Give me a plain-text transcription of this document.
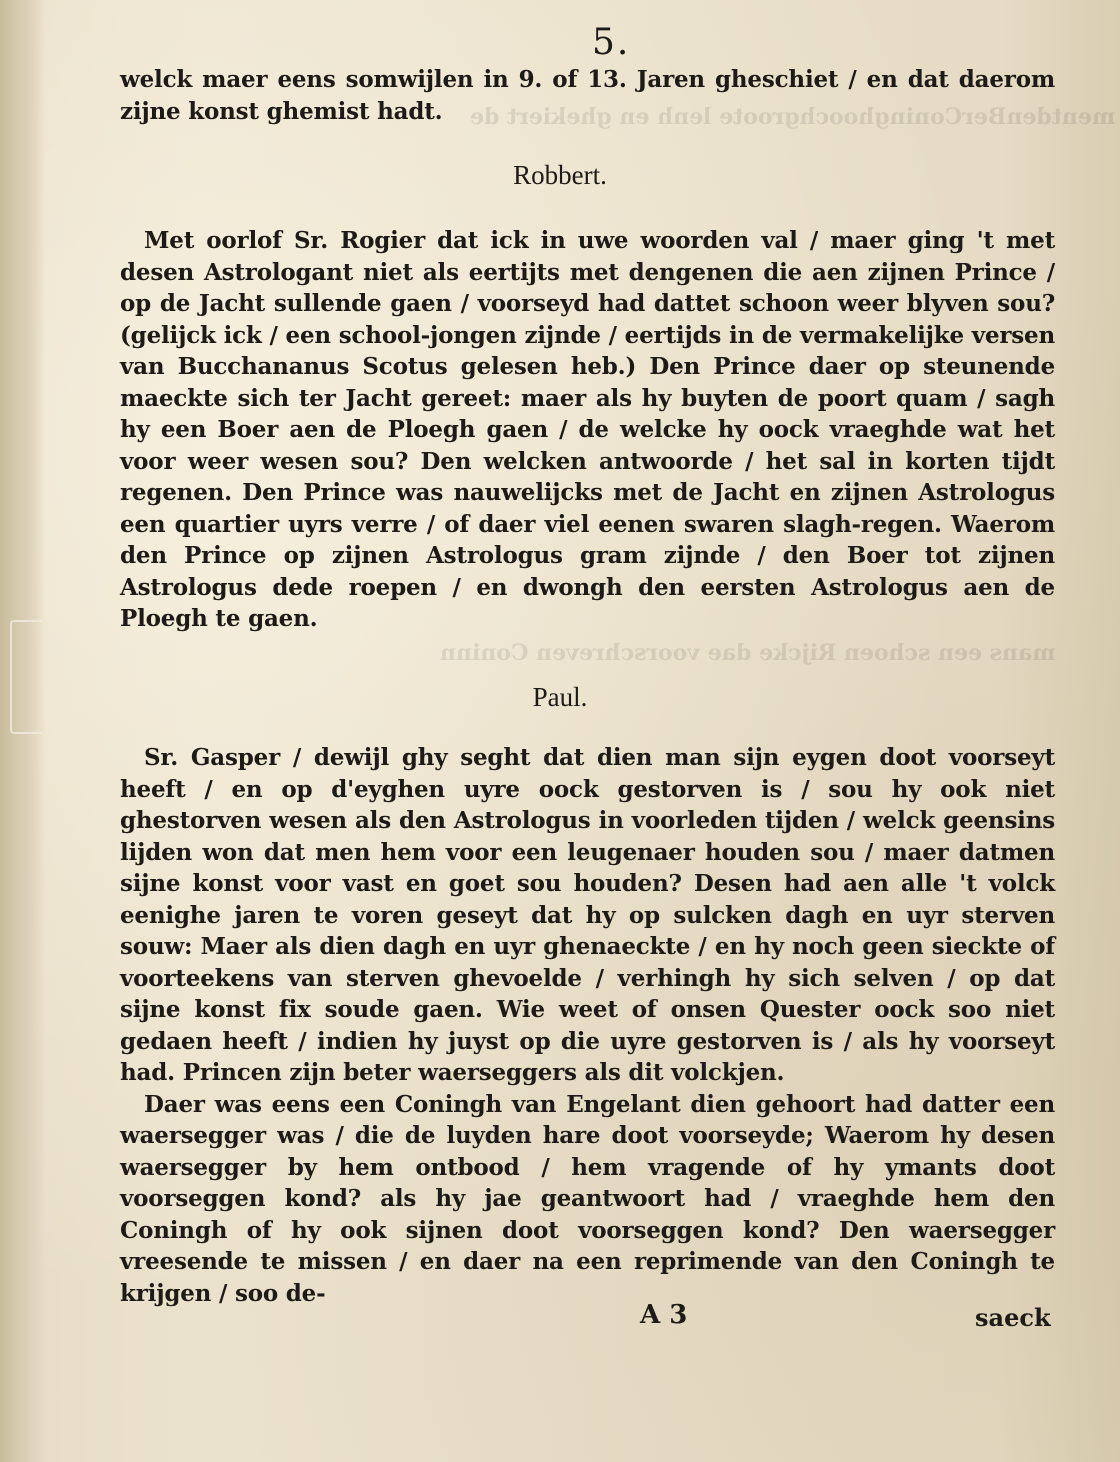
mentdenBerConinghoochgroote lenh en ghekiert de
mans een schoen Rijcke dae voorschreven Coninn
5.

welck maer eens somwijlen in 9. of 13. Jaren gheschiet / en dat daerom zijne konst ghemist hadt.

Robbert.

Met oorlof Sr. Rogier dat ick in uwe woorden val / maer ging 't met desen Astrologant niet als eertijts met dengenen die aen zijnen Prince / op de Jacht sullende gaen / voorseyd had dattet schoon weer blyven sou? (gelijck ick / een school-jongen zijnde / eertijds in de vermakelijke versen van Bucchananus Scotus gelesen heb.) Den Prince daer op steunende maeckte sich ter Jacht gereet: maer als hy buyten de poort quam / sagh hy een Boer aen de Ploegh gaen / de welcke hy oock vraeghde wat het voor weer wesen sou? Den welcken antwoorde / het sal in korten tijdt regenen. Den Prince was nauwelijcks met de Jacht en zijnen Astrologus een quartier uyrs verre / of daer viel eenen swaren slagh-regen. Waerom den Prince op zijnen Astrologus gram zijnde / den Boer tot zijnen Astrologus dede roepen / en dwongh den eersten Astrologus aen de Ploegh te gaen.

Paul.

Sr. Gasper / dewijl ghy seght dat dien man sijn eygen doot voorseyt heeft / en op d'eyghen uyre oock gestorven is / sou hy ook niet ghestorven wesen als den Astrologus in voorleden tijden / welck geensins lijden won dat men hem voor een leugenaer houden sou / maer datmen sijne konst voor vast en goet sou houden? Desen had aen alle 't volck eenighe jaren te voren geseyt dat hy op sulcken dagh en uyr sterven souw: Maer als dien dagh en uyr ghenaeckte / en hy noch geen sieckte of voorteekens van sterven ghevoelde / verhingh hy sich selven / op dat sijne konst fix soude gaen. Wie weet of onsen Quester oock soo niet gedaen heeft / indien hy juyst op die uyre gestorven is / als hy voorseyt had. Princen zijn beter waerseggers als dit volckjen.

Daer was eens een Coningh van Engelant dien gehoort had datter een waersegger was / die de luyden hare doot voorseyde; Waerom hy desen waersegger by hem ontbood / hem vragende of hy ymants doot voorseggen kond? als hy jae geantwoort had / vraeghde hem den Coningh of hy ook sijnen doot voorseggen kond? Den waersegger vreesende te missen / en daer na een reprimende van den Coningh te krijgen / soo de-

A 3	saeck
